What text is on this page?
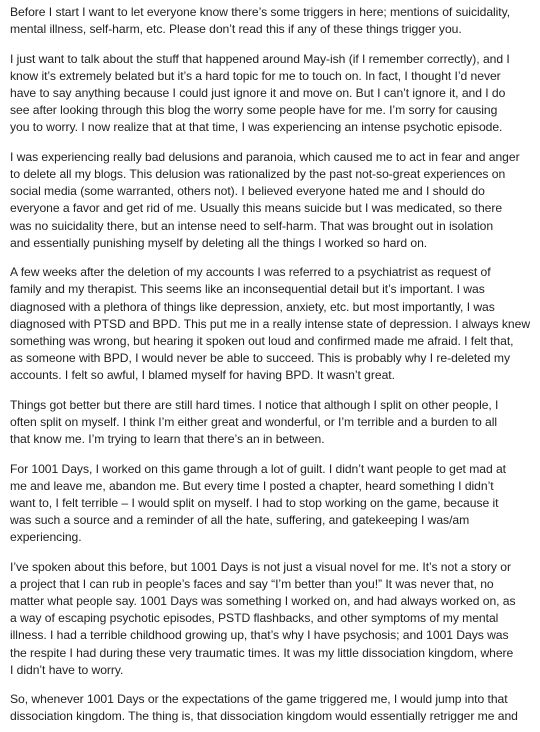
Before I start I want to let everyone know there’s some triggers in here; mentions of suicidality,
mental illness, self-harm, etc. Please don’t read this if any of these things trigger you.

I just want to talk about the stuff that happened around May-ish (if I remember correctly), and I
know it’s extremely belated but it’s a hard topic for me to touch on. In fact, I thought I’d never
have to say anything because I could just ignore it and move on. But I can’t ignore it, and I do
see after looking through this blog the worry some people have for me. I’m sorry for causing
you to worry. I now realize that at that time, I was experiencing an intense psychotic episode.

I was experiencing really bad delusions and paranoia, which caused me to act in fear and anger
to delete all my blogs. This delusion was rationalized by the past not-so-great experiences on
social media (some warranted, others not). I believed everyone hated me and I should do
everyone a favor and get rid of me. Usually this means suicide but I was medicated, so there
was no suicidality there, but an intense need to self-harm. That was brought out in isolation
and essentially punishing myself by deleting all the things I worked so hard on.

A few weeks after the deletion of my accounts I was referred to a psychiatrist as request of
family and my therapist. This seems like an inconsequential detail but it’s important. I was
diagnosed with a plethora of things like depression, anxiety, etc. but most importantly, I was
diagnosed with PTSD and BPD. This put me in a really intense state of depression. I always knew
something was wrong, but hearing it spoken out loud and confirmed made me afraid. I felt that,
as someone with BPD, I would never be able to succeed. This is probably why I re-deleted my
accounts. I felt so awful, I blamed myself for having BPD. It wasn’t great.

Things got better but there are still hard times. I notice that although I split on other people, I
often split on myself. I think I’m either great and wonderful, or I’m terrible and a burden to all
that know me. I’m trying to learn that there’s an in between.

For 1001 Days, I worked on this game through a lot of guilt. I didn’t want people to get mad at
me and leave me, abandon me. But every time I posted a chapter, heard something I didn’t
want to, I felt terrible – I would split on myself. I had to stop working on the game, because it
was such a source and a reminder of all the hate, suffering, and gatekeeping I was/am
experiencing.

I’ve spoken about this before, but 1001 Days is not just a visual novel for me. It’s not a story or
a project that I can rub in people’s faces and say “I’m better than you!” It was never that, no
matter what people say. 1001 Days was something I worked on, and had always worked on, as
a way of escaping psychotic episodes, PSTD flashbacks, and other symptoms of my mental
illness. I had a terrible childhood growing up, that’s why I have psychosis; and 1001 Days was
the respite I had during these very traumatic times. It was my little dissociation kingdom, where
I didn’t have to worry.

So, whenever 1001 Days or the expectations of the game triggered me, I would jump into that
dissociation kingdom. The thing is, that dissociation kingdom would essentially retrigger me and
